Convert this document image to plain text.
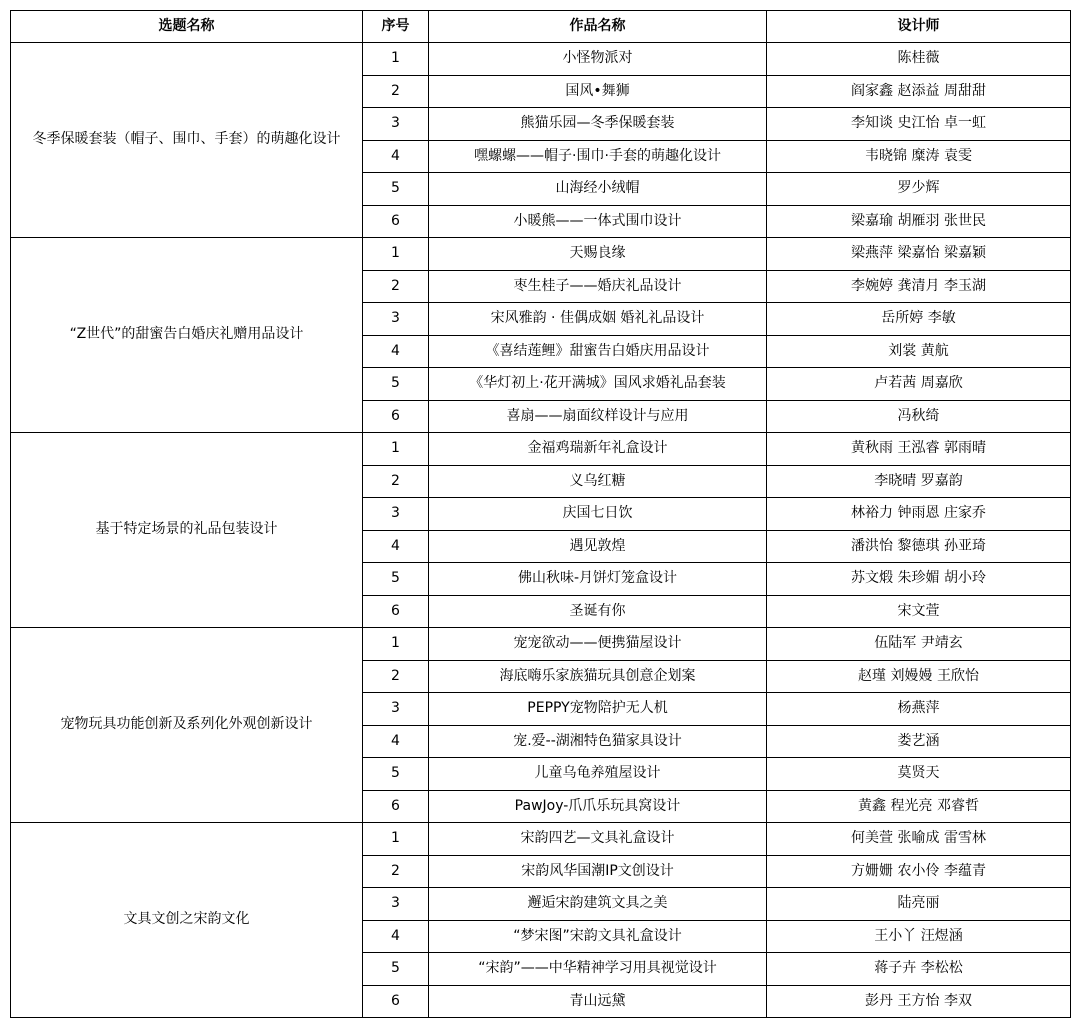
选题名称	序号	作品名称	设计师
冬季保暖套装（帽子、围巾、手套）的萌趣化设计	1	小怪物派对	陈桂薇
	2	国风•舞狮	阎家鑫 赵添益 周甜甜
	3	熊猫乐园—冬季保暖套装	李知谈 史江怡 卓一虹
	4	嘿螺螺——帽子·围巾·手套的萌趣化设计	韦晓锦 糜涛 袁雯
	5	山海经小绒帽	罗少辉
	6	小暖熊——一体式围巾设计	梁嘉瑜 胡雁羽 张世民
“Z世代”的甜蜜告白婚庆礼赠用品设计	1	天赐良缘	梁燕萍 梁嘉怡 梁嘉颖
	2	枣生桂子——婚庆礼品设计	李婉婷 龚清月 李玉湖
	3	宋风雅韵 · 佳偶成姻 婚礼礼品设计	岳所婷 李敏
	4	《喜结莲鲤》甜蜜告白婚庆用品设计	刘裳 黄航
	5	《华灯初上·花开满城》国风求婚礼品套装	卢若茜 周嘉欣
	6	喜扇——扇面纹样设计与应用	冯秋绮
基于特定场景的礼品包装设计	1	金福鸡瑞新年礼盒设计	黄秋雨 王泓睿 郭雨晴
	2	义乌红糖	李晓晴 罗嘉韵
	3	庆国七日饮	林裕力 钟雨恩 庄家乔
	4	遇见敦煌	潘洪怡 黎德琪 孙亚琦
	5	佛山秋味-月饼灯笼盒设计	苏文煅 朱珍媚 胡小玲
	6	圣诞有你	宋文萱
宠物玩具功能创新及系列化外观创新设计	1	宠宠欲动——便携猫屋设计	伍陆军 尹靖玄
	2	海底嗨乐家族猫玩具创意企划案	赵瑾 刘嫚嫚 王欣怡
	3	PEPPY宠物陪护无人机	杨燕萍
	4	宠.爱--湖湘特色猫家具设计	娄艺涵
	5	儿童乌龟养殖屋设计	莫贤天
	6	PawJoy-爪爪乐玩具窝设计	黄鑫 程光亮 邓睿哲
文具文创之宋韵文化	1	宋韵四艺—文具礼盒设计	何美萱 张喻成 雷雪林
	2	宋韵风华国潮IP文创设计	方姗姗 农小伶 李蕴青
	3	邂逅宋韵建筑文具之美	陆亮丽
	4	“梦宋图”宋韵文具礼盒设计	王小丫 汪煜涵
	5	“宋韵”——中华精神学习用具视觉设计	蒋子卉 李松松
	6	青山远黛	彭丹 王方怡 李双
